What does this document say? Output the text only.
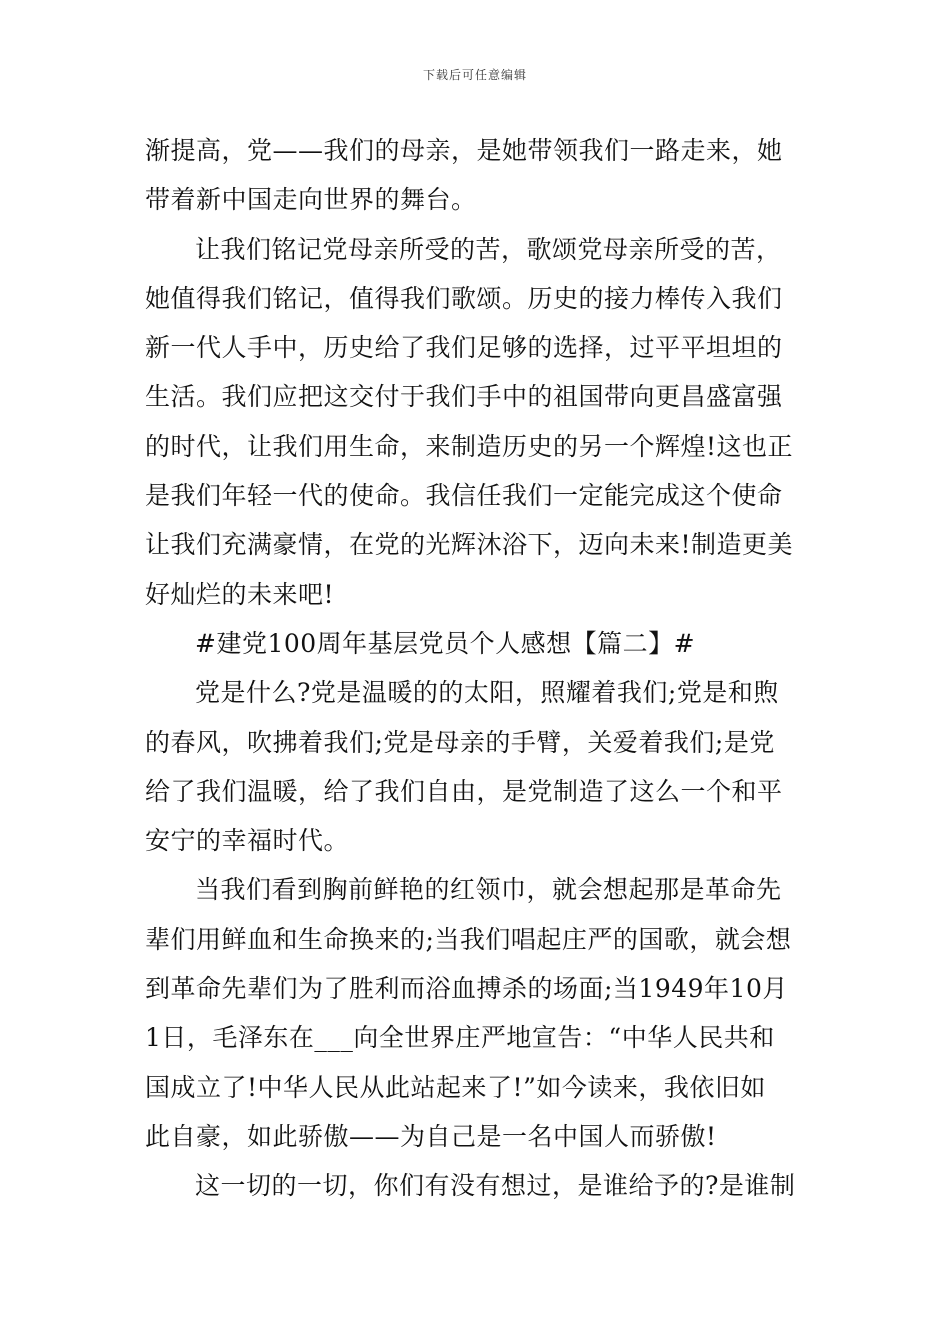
下载后可任意编辑
渐提高，党——我们的母亲，是她带领我们一路走来，她
带着新中国走向世界的舞台。
让我们铭记党母亲所受的苦，歌颂党母亲所受的苦，
她值得我们铭记，值得我们歌颂。历史的接力棒传入我们
新一代人手中，历史给了我们足够的选择，过平平坦坦的
生活。我们应把这交付于我们手中的祖国带向更昌盛富强
的时代，让我们用生命，来制造历史的另一个辉煌!这也正
是我们年轻一代的使命。我信任我们一定能完成这个使命
让我们充满豪情，在党的光辉沐浴下，迈向未来!制造更美
好灿烂的未来吧!
#建党100周年基层党员个人感想【篇二】#
党是什么?党是温暖的的太阳，照耀着我们;党是和煦
的春风，吹拂着我们;党是母亲的手臂，关爱着我们;是党
给了我们温暖，给了我们自由，是党制造了这么一个和平
安宁的幸福时代。
当我们看到胸前鲜艳的红领巾，就会想起那是革命先
辈们用鲜血和生命换来的;当我们唱起庄严的国歌，就会想
到革命先辈们为了胜利而浴血搏杀的场面;当1949年10月
1日，毛泽东在___向全世界庄严地宣告：“中华人民共和
国成立了!中华人民从此站起来了!”如今读来，我依旧如
此自豪，如此骄傲——为自己是一名中国人而骄傲!
这一切的一切，你们有没有想过，是谁给予的?是谁制
